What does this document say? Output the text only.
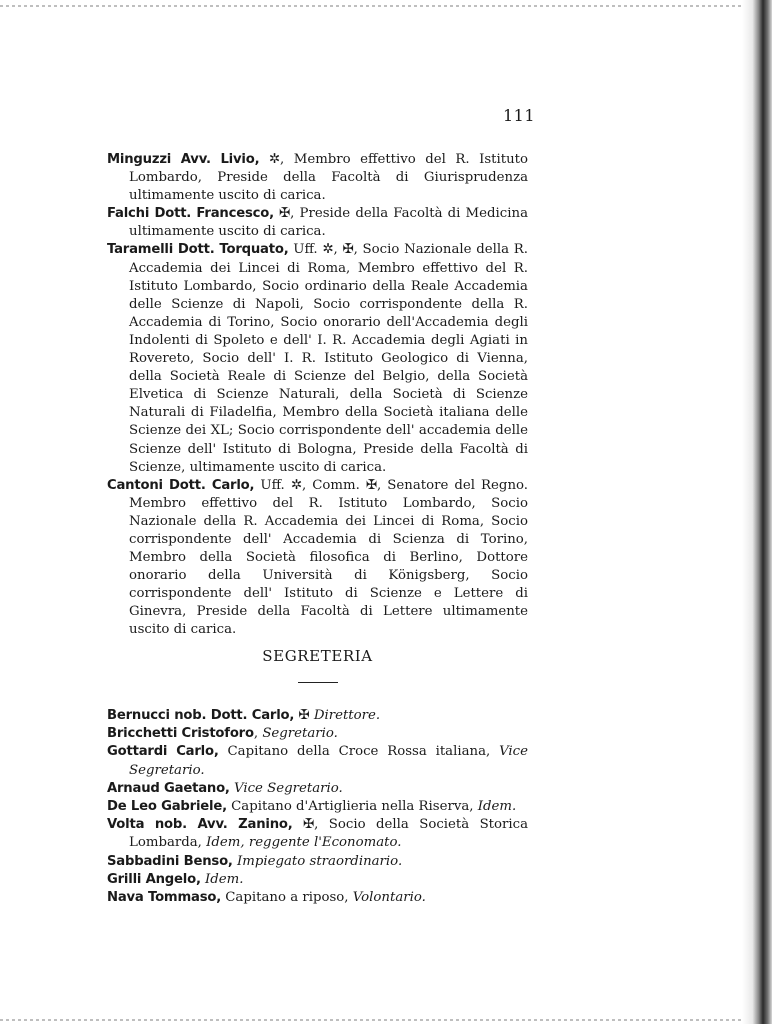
111

Minguzzi Avv. Livio, ✲, Membro effettivo del R. Istituto Lombardo, Preside della Facoltà di Giurisprudenza ultimamente uscito di carica.

Falchi Dott. Francesco, ✠, Preside della Facoltà di Medicina ultimamente uscito di carica.

Taramelli Dott. Torquato, Uff. ✲, ✠, Socio Nazionale della R. Accademia dei Lincei di Roma, Membro effettivo del R. Istituto Lombardo, Socio ordinario della Reale Accademia delle Scienze di Napoli, Socio corrispondente della R. Accademia di Torino, Socio onorario dell'Accademia degli Indolenti di Spoleto e dell' I. R. Accademia degli Agiati in Rovereto, Socio dell' I. R. Istituto Geologico di Vienna, della Società Reale di Scienze del Belgio, della Società Elvetica di Scienze Naturali, della Società di Scienze Naturali di Filadelfia, Membro della Società italiana delle Scienze dei XL; Socio corrispondente dell' accademia delle Scienze dell' Istituto di Bologna, Preside della Facoltà di Scienze, ultimamente uscito di carica.

Cantoni Dott. Carlo, Uff. ✲, Comm. ✠, Senatore del Regno. Membro effettivo del R. Istituto Lombardo, Socio Nazionale della R. Accademia dei Lincei di Roma, Socio corrispondente dell' Accademia di Scienza di Torino, Membro della Società filosofica di Berlino, Dottore onorario della Università di Königsberg, Socio corrispondente dell' Istituto di Scienze e Lettere di Ginevra, Preside della Facoltà di Lettere ultimamente uscito di carica.

SEGRETERIA

Bernucci nob. Dott. Carlo, ✠ Direttore.

Bricchetti Cristoforo, Segretario.

Gottardi Carlo, Capitano della Croce Rossa italiana, Vice Segretario.

Arnaud Gaetano, Vice Segretario.

De Leo Gabriele, Capitano d'Artiglieria nella Riserva, Idem.

Volta nob. Avv. Zanino, ✠, Socio della Società Storica Lombarda, Idem, reggente l'Economato.

Sabbadini Benso, Impiegato straordinario.

Grilli Angelo, Idem.

Nava Tommaso, Capitano a riposo, Volontario.
